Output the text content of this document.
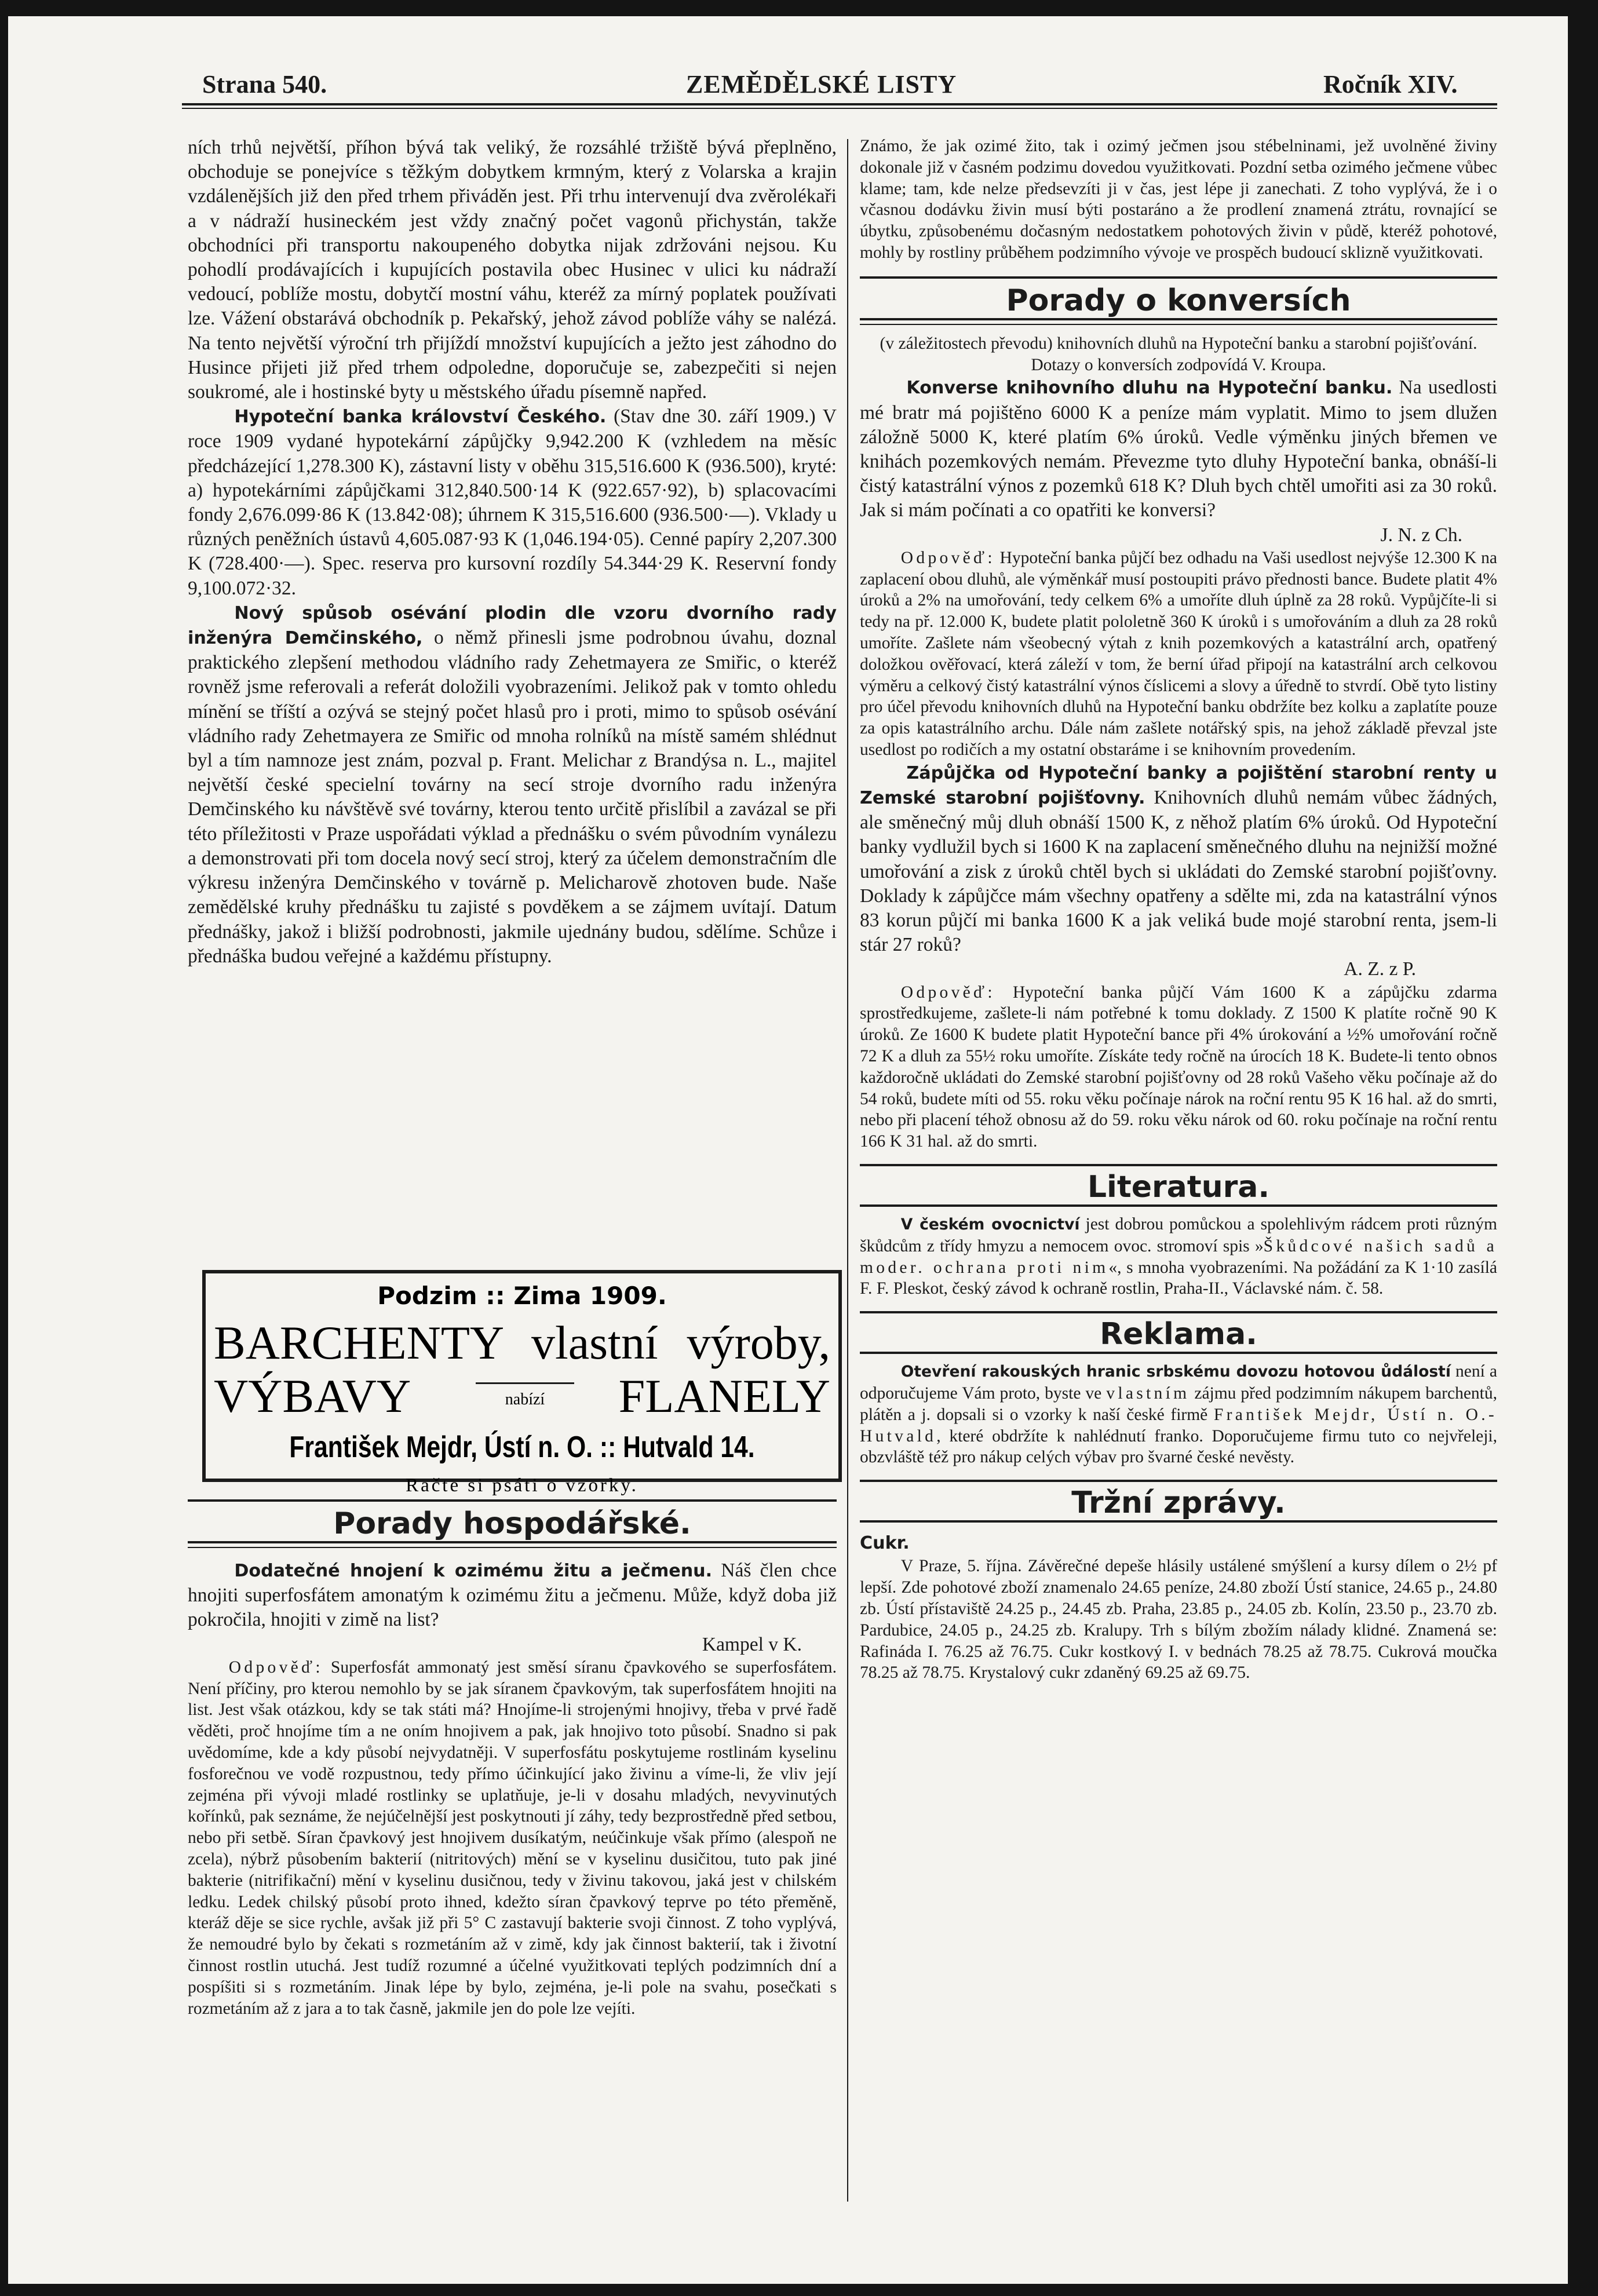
Strana 540.	ZEMĚDĚLSKÉ LISTY	Ročník XIV.

ních trhů největší, příhon bývá tak veliký, že rozsáhlé tržiště bývá přeplněno, obchoduje se ponejvíce s těžkým dobytkem krmným, který z Volarska a krajin vzdálenějších již den před trhem přiváděn jest. Při trhu intervenují dva zvěrolékaři a v nádraží husineckém jest vždy značný počet vagonů přichystán, takže obchodníci při transportu nakoupeného dobytka nijak zdržováni nejsou. Ku pohodlí prodávajících i kupujících postavila obec Husinec v ulici ku nádraží vedoucí, poblíže mostu, dobytčí mostní váhu, kteréž za mírný poplatek používati lze. Vážení obstarává obchodník p. Pekařský, jehož závod poblíže váhy se nalézá. Na tento největší výroční trh přijíždí množství kupujících a ježto jest záhodno do Husince přijeti již před trhem odpoledne, doporučuje se, zabezpečiti si nejen soukromé, ale i hostinské byty u městského úřadu písemně napřed.

Hypoteční banka království Českého. (Stav dne 30. září 1909.) V roce 1909 vydané hypotekární zápůjčky 9,942.200 K (vzhledem na měsíc předcházející 1,278.300 K), zástavní listy v oběhu 315,516.600 K (936.500), kryté: a) hypotekárními zápůjčkami 312,840.500·14 K (922.657·92), b) splacovacími fondy 2,676.099·86 K (13.842·08); úhrnem K 315,516.600 (936.500·—). Vklady u různých peněžních ústavů 4,605.087·93 K (1,046.194·05). Cenné papíry 2,207.300 K (728.400·—). Spec. reserva pro kursovní rozdíly 54.344·29 K. Reservní fondy 9,100.072·32.

Nový spůsob osévání plodin dle vzoru dvorního rady inženýra Demčinského, o němž přinesli jsme podrobnou úvahu, doznal praktického zlepšení methodou vládního rady Zehetmayera ze Smiřic, o kteréž rovněž jsme referovali a referát doložili vyobrazeními. Jelikož pak v tomto ohledu mínění se tříští a ozývá se stejný počet hlasů pro i proti, mimo to spůsob osévání vládního rady Zehetmayera ze Smiřic od mnoha rolníků na místě samém shlédnut byl a tím namnoze jest znám, pozval p. Frant. Melichar z Brandýsa n. L., majitel největší české specielní továrny na secí stroje dvorního radu inženýra Demčinského ku návštěvě své továrny, kterou tento určitě přislíbil a zavázal se při této příležitosti v Praze uspořádati výklad a přednášku o svém původním vynálezu a demonstrovati při tom docela nový secí stroj, který za účelem demonstračním dle výkresu inženýra Demčinského v továrně p. Melicharově zhotoven bude. Naše zemědělské kruhy přednášku tu zajisté s povděkem a se zájmem uvítají. Datum přednášky, jakož i bližší podrobnosti, jakmile ujednány budou, sdělíme. Schůze i přednáška budou veřejné a každému přístupny.

Podzim :: Zima 1909.
BARCHENTY vlastní výroby,
VÝBAVY	nabízí	FLANELY
František Mejdr, Ústí n. O. :: Hutvald 14.
Račte si psáti o vzorky.
Porady hospodářské.

Dodatečné hnojení k ozimému žitu a ječmenu. Náš člen chce hnojiti superfosfátem amonatým k ozimému žitu a ječmenu. Může, když doba již pokročila, hnojiti v zimě na list?

Kampel v K.
Odpověď: Superfosfát ammonatý jest směsí síranu čpavkového se superfosfátem. Není příčiny, pro kterou nemohlo by se jak síranem čpavkovým, tak superfosfátem hnojiti na list. Jest však otázkou, kdy se tak státi má? Hnojíme-li strojenými hnojivy, třeba v prvé řadě věděti, proč hnojíme tím a ne oním hnojivem a pak, jak hnojivo toto působí. Snadno si pak uvědomíme, kde a kdy působí nejvydatněji. V superfosfátu poskytujeme rostlinám kyselinu fosforečnou ve vodě rozpustnou, tedy přímo účinkující jako živinu a víme-li, že vliv její zejména při vývoji mladé rostlinky se uplatňuje, je-li v dosahu mladých, nevyvinutých kořínků, pak seznáme, že nejúčelnější jest poskytnouti jí záhy, tedy bezprostředně před setbou, nebo při setbě. Síran čpavkový jest hnojivem dusíkatým, neúčinkuje však přímo (alespoň ne zcela), nýbrž působením bakterií (nitritových) mění se v kyselinu dusičitou, tuto pak jiné bakterie (nitrifikační) mění v kyselinu dusičnou, tedy v živinu takovou, jaká jest v chilském ledku. Ledek chilský působí proto ihned, kdežto síran čpavkový teprve po této přeměně, kteráž děje se sice rychle, avšak již při 5° C zastavují bakterie svoji činnost. Z toho vyplývá, že nemoudré bylo by čekati s rozmetáním až v zimě, kdy jak činnost bakterií, tak i životní činnost rostlin utuchá. Jest tudíž rozumné a účelné využitkovati teplých podzimních dní a pospíšiti si s rozmetáním. Jinak lépe by bylo, zejména, je-li pole na svahu, posečkati s rozmetáním až z jara a to tak časně, jakmile jen do pole lze vejíti.
Známo, že jak ozimé žito, tak i ozimý ječmen jsou stébelninami, jež uvolněné živiny dokonale již v časném podzimu dovedou využitkovati. Pozdní setba ozimého ječmene vůbec klame; tam, kde nelze předsevzíti ji v čas, jest lépe ji zanechati. Z toho vyplývá, že i o včasnou dodávku živin musí býti postaráno a že prodlení znamená ztrátu, rovnající se úbytku, způsobenému dočasným nedostatkem pohotových živin v půdě, kteréž pohotové, mohly by rostliny průběhem podzimního vývoje ve prospěch budoucí sklizně využitkovati.
Porady o konversích
(v záležitostech převodu) knihovních dluhů na Hypoteční banku a starobní pojišťování.
Dotazy o konversích zodpovídá V. Kroupa.

Konverse knihovního dluhu na Hypoteční banku. Na usedlosti mé bratr má pojištěno 6000 K a peníze mám vyplatit. Mimo to jsem dlužen záložně 5000 K, které platím 6% úroků. Vedle výměnku jiných břemen ve knihách pozemkových nemám. Převezme tyto dluhy Hypoteční banka, obnáší-li čistý katastrální výnos z pozemků 618 K? Dluh bych chtěl umořiti asi za 30 roků. Jak si mám počínati a co opatřiti ke konversi?

J. N. z Ch.
Odpověď: Hypoteční banka půjčí bez odhadu na Vaši usedlost nejvýše 12.300 K na zaplacení obou dluhů, ale výměnkář musí postoupiti právo přednosti bance. Budete platit 4% úroků a 2% na umořování, tedy celkem 6% a umoříte dluh úplně za 28 roků. Vypůjčíte-li si tedy na př. 12.000 K, budete platit pololetně 360 K úroků i s umořováním a dluh za 28 roků umoříte. Zašlete nám všeobecný výtah z knih pozemkových a katastrální arch, opatřený doložkou ověřovací, která záleží v tom, že berní úřad připojí na katastrální arch celkovou výměru a celkový čistý katastrální výnos číslicemi a slovy a úředně to stvrdí. Obě tyto listiny pro účel převodu knihovních dluhů na Hypoteční banku obdržíte bez kolku a zaplatíte pouze za opis katastrálního archu. Dále nám zašlete notářský spis, na jehož základě převzal jste usedlost po rodičích a my ostatní obstaráme i se knihovním provedením.

Zápůjčka od Hypoteční banky a pojištění starobní renty u Zemské starobní pojišťovny. Knihovních dluhů nemám vůbec žádných, ale směnečný můj dluh obnáší 1500 K, z něhož platím 6% úroků. Od Hypoteční banky vydlužil bych si 1600 K na zaplacení směnečného dluhu na nejnižší možné umořování a zisk z úroků chtěl bych si ukládati do Zemské starobní pojišťovny. Doklady k zápůjčce mám všechny opatřeny a sdělte mi, zda na katastrální výnos 83 korun půjčí mi banka 1600 K a jak veliká bude mojé starobní renta, jsem-li stár 27 roků?

A. Z. z P.
Odpověď: Hypoteční banka půjčí Vám 1600 K a zápůjčku zdarma sprostředkujeme, zašlete-li nám potřebné k tomu doklady. Z 1500 K platíte ročně 90 K úroků. Ze 1600 K budete platit Hypoteční bance při 4% úrokování a ½% umořování ročně 72 K a dluh za 55½ roku umoříte. Získáte tedy ročně na úrocích 18 K. Budete-li tento obnos každoročně ukládati do Zemské starobní pojišťovny od 28 roků Vašeho věku počínaje až do 54 roků, budete míti od 55. roku věku počínaje nárok na roční rentu 95 K 16 hal. až do smrti, nebo při placení téhož obnosu až do 59. roku věku nárok od 60. roku počínaje na roční rentu 166 K 31 hal. až do smrti.
Literatura.
V českém ovocnictví jest dobrou pomůckou a spolehlivým rádcem proti různým škůdcům z třídy hmyzu a nemocem ovoc. stromoví spis »Škůdcové našich sadů a moder. ochrana proti nim«, s mnoha vyobrazeními. Na požádání za K 1·10 zasílá F. F. Pleskot, český závod k ochraně rostlin, Praha-II., Václavské nám. č. 58.
Reklama.
Otevření rakouských hranic srbskému dovozu hotovou ůdálostí není a odporučujeme Vám proto, byste ve vlastním zájmu před podzimním nákupem barchentů, plátěn a j. dopsali si o vzorky k naší české firmě František Mejdr, Ústí n. O.-Hutvald, které obdržíte k nahlédnutí franko. Doporučujeme firmu tuto co nejvřeleji, obzvláště též pro nákup celých výbav pro švarné české nevěsty.
Tržní zprávy.
Cukr.
V Praze, 5. října. Závěrečné depeše hlásily ustálené smýšlení a kursy dílem o 2½ pf lepší. Zde pohotové zboží znamenalo 24.65 peníze, 24.80 zboží Ústí stanice, 24.65 p., 24.80 zb. Ústí přístaviště 24.25 p., 24.45 zb. Praha, 23.85 p., 24.05 zb. Kolín, 23.50 p., 23.70 zb. Pardubice, 24.05 p., 24.25 zb. Kralupy. Trh s bílým zbožím nálady klidné. Znamená se: Rafináda I. 76.25 až 76.75. Cukr kostkový I. v bednách 78.25 až 78.75. Cukrová moučka 78.25 až 78.75. Krystalový cukr zdaněný 69.25 až 69.75.
